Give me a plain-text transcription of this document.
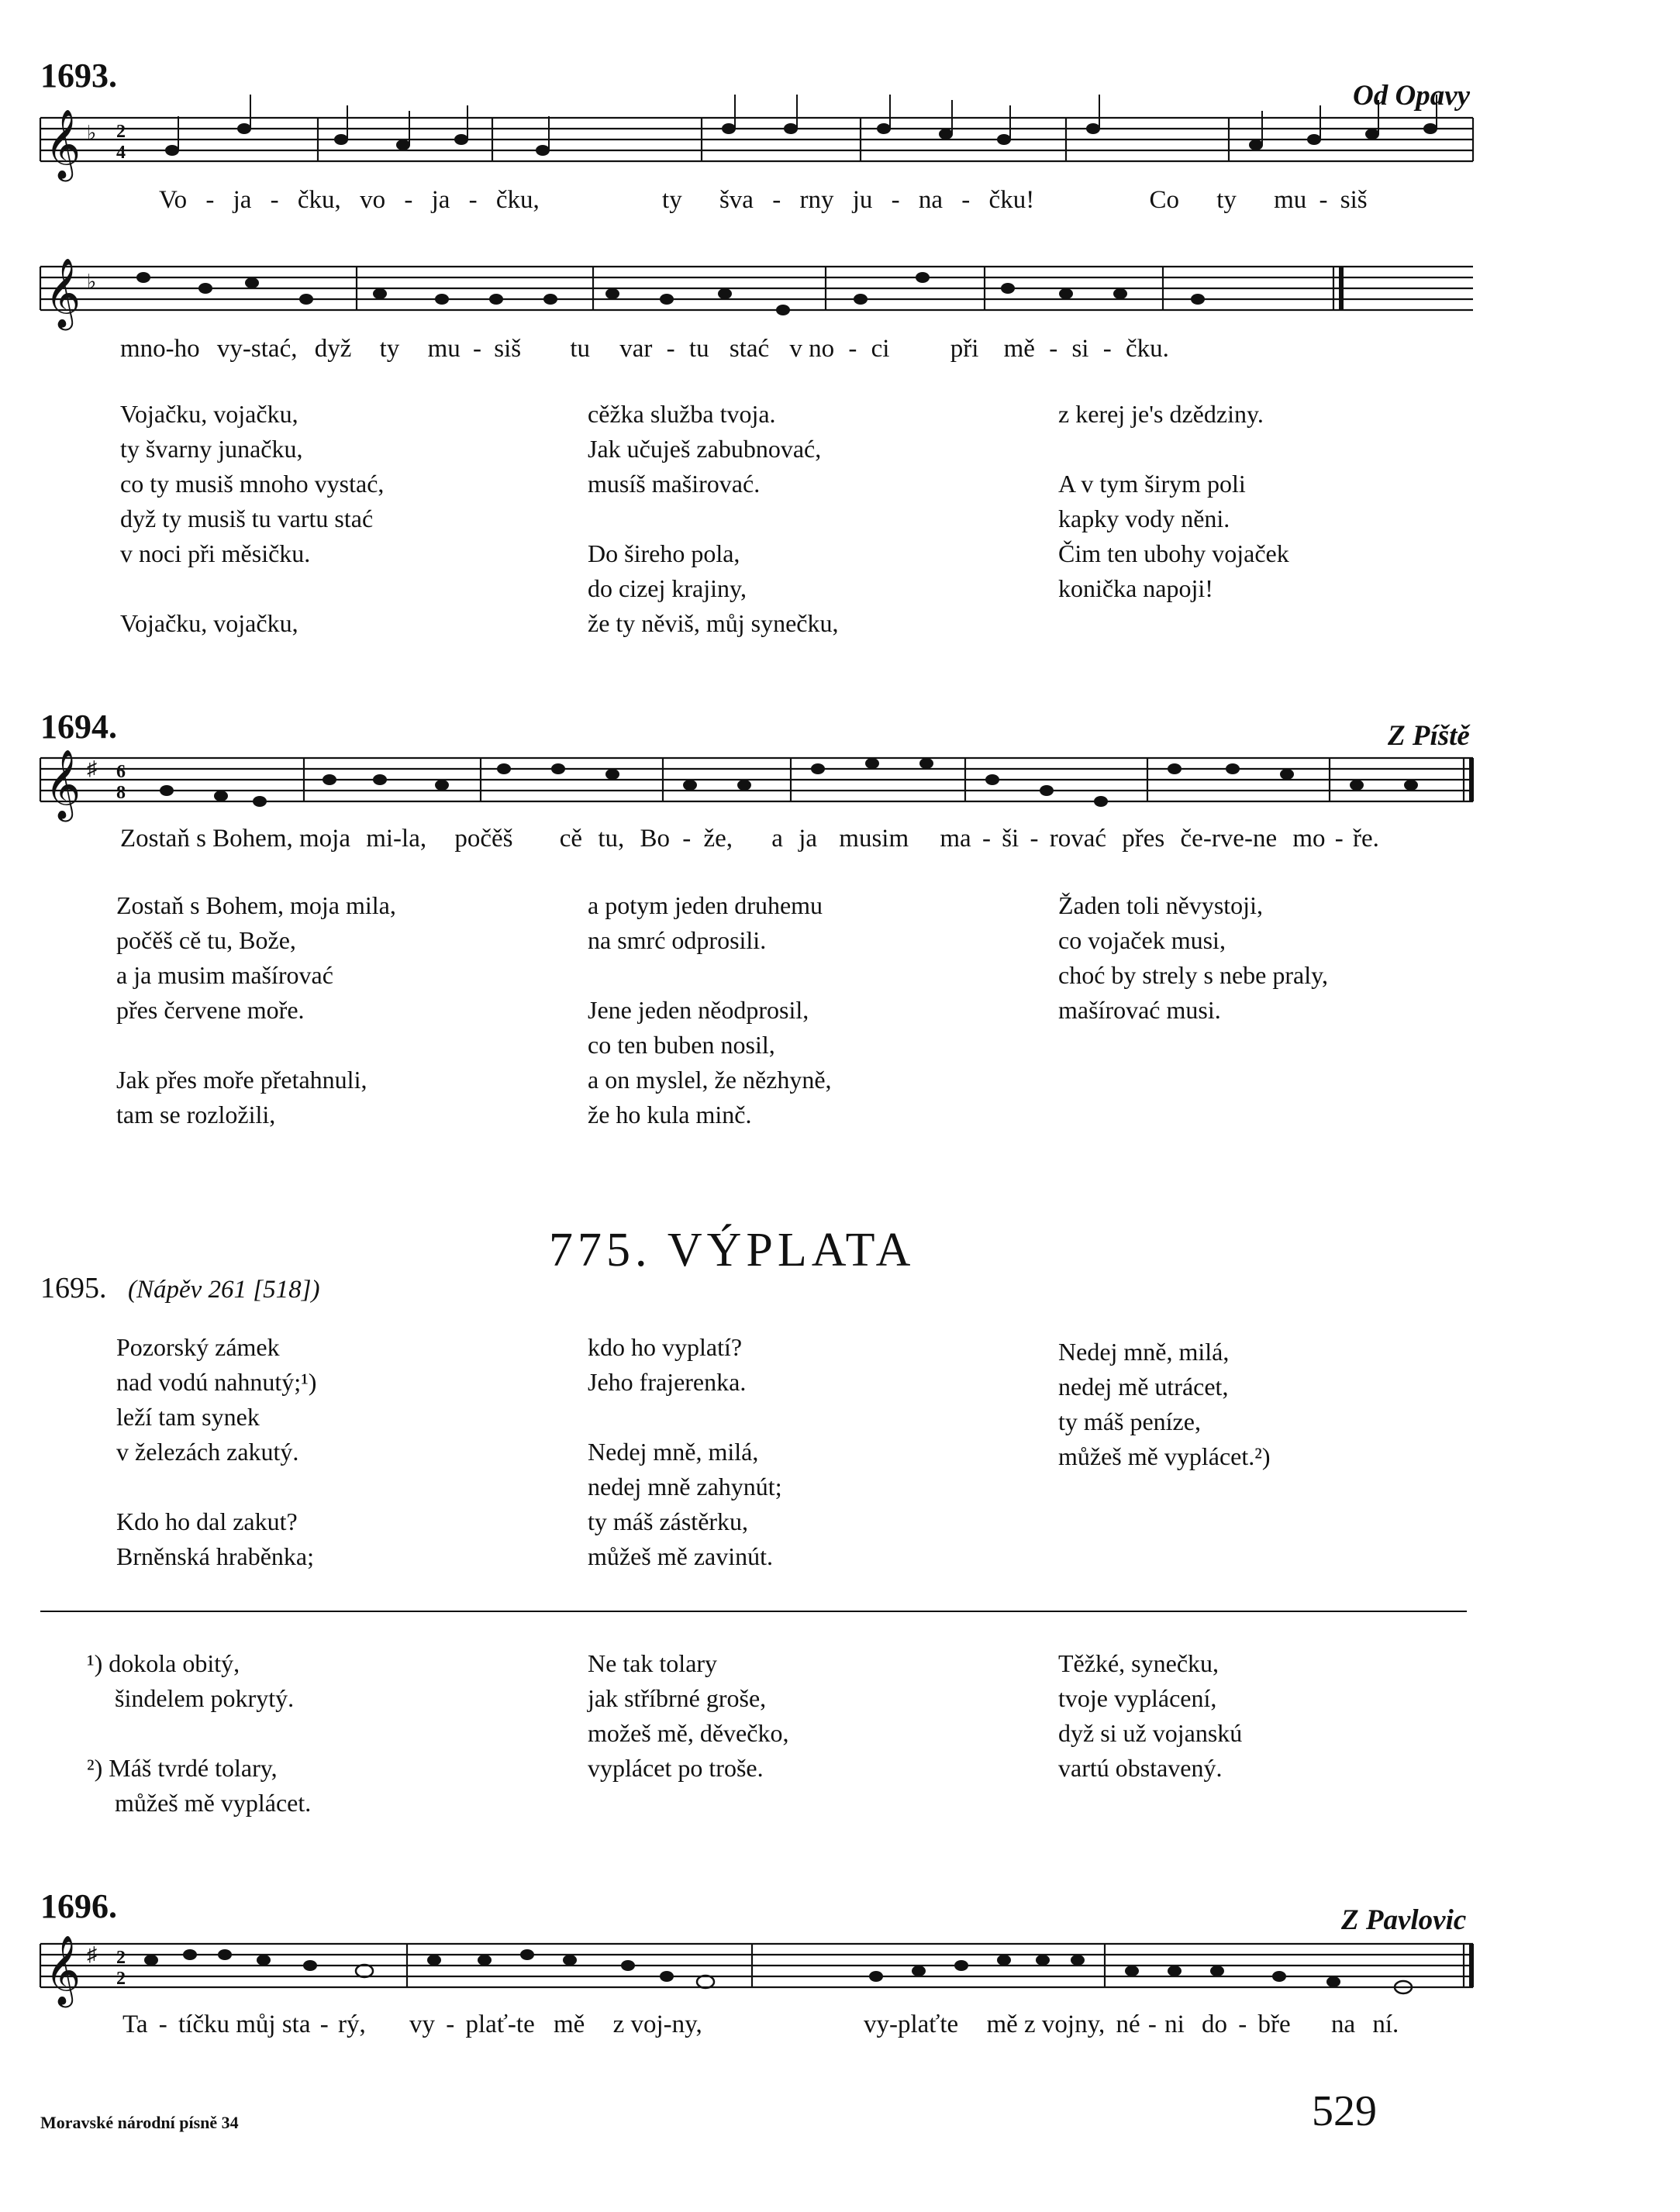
1693.
Od Opavy
𝄞 ♭ 2
4
Vo - ja - čku, vo - ja - čku,	ty šva - rny ju - na - čku!	Co ty mu - siš
𝄞 ♭
mno-ho vy-stać, dyž ty mu - siš tu var - tu stać v no - ci při mě - si - čku.
Vojačku, vojačku,
ty švarny junačku,
co ty musiš mnoho vystać,
dyž ty musiš tu vartu stać
v noci při měsičku.
Vojačku, vojačku,
cěžka služba tvoja.
Jak učuješ zabubnovać,
musíš maširovać.
Do šireho pola,
do cizej krajiny,
že ty něviš, můj synečku,
z kerej je's dzědziny.
A v tym širym poli
kapky vody něni.
Čim ten ubohy vojaček
konička napoji!
1694.	Z Píště
𝄞 ♯ 6
8
Zostaň s Bohem, moja mi-la, počěš cě tu, Bo - že, a ja musim ma - ši - rovać přes če-rve-ne mo - ře.
Zostaň s Bohem, moja mila,
počěš cě tu, Bože,
a ja musim mašírovać
přes červene moře.
Jak přes moře přetahnuli,
tam se rozložili,
a potym jeden druhemu
na smrć odprosili.
Jene jeden něodprosil,
co ten buben nosil,
a on myslel, že nězhyně,
že ho kula minč.
Žaden toli něvystoji,
co vojaček musi,
choć by strely s nebe praly,
mašírovać musi.
775. VÝPLATA
1695. (Nápěv 261 [518])
Pozorský zámek
nad vodú nahnutý;¹)
leží tam synek
v železách zakutý.
Kdo ho dal zakut?
Brněnská hraběnka;
kdo ho vyplatí?
Jeho frajerenka.
Nedej mně, milá,
nedej mně zahynút;
ty máš zástěrku,
můžeš mě zavinút.
Nedej mně, milá,
nedej mě utrácet,
ty máš peníze,
můžeš mě vyplácet.²)
¹) dokola obitý,
šindelem pokrytý.
²) Máš tvrdé tolary,
můžeš mě vyplácet.
Ne tak tolary
jak stříbrné groše,
možeš mě, děvečko,
vyplácet po troše.
Těžké, synečku,
tvoje vyplácení,
dyž si už vojanskú
vartú obstavený.
1696.	Z Pavlovic
𝄞 ♯ 2
2
Ta - tíčku můj sta - rý, vy - plať-te mě z voj-ny,	vy-plaťte mě z vojny, né - ni do - bře na ní.
Moravské národní písně 34	529
